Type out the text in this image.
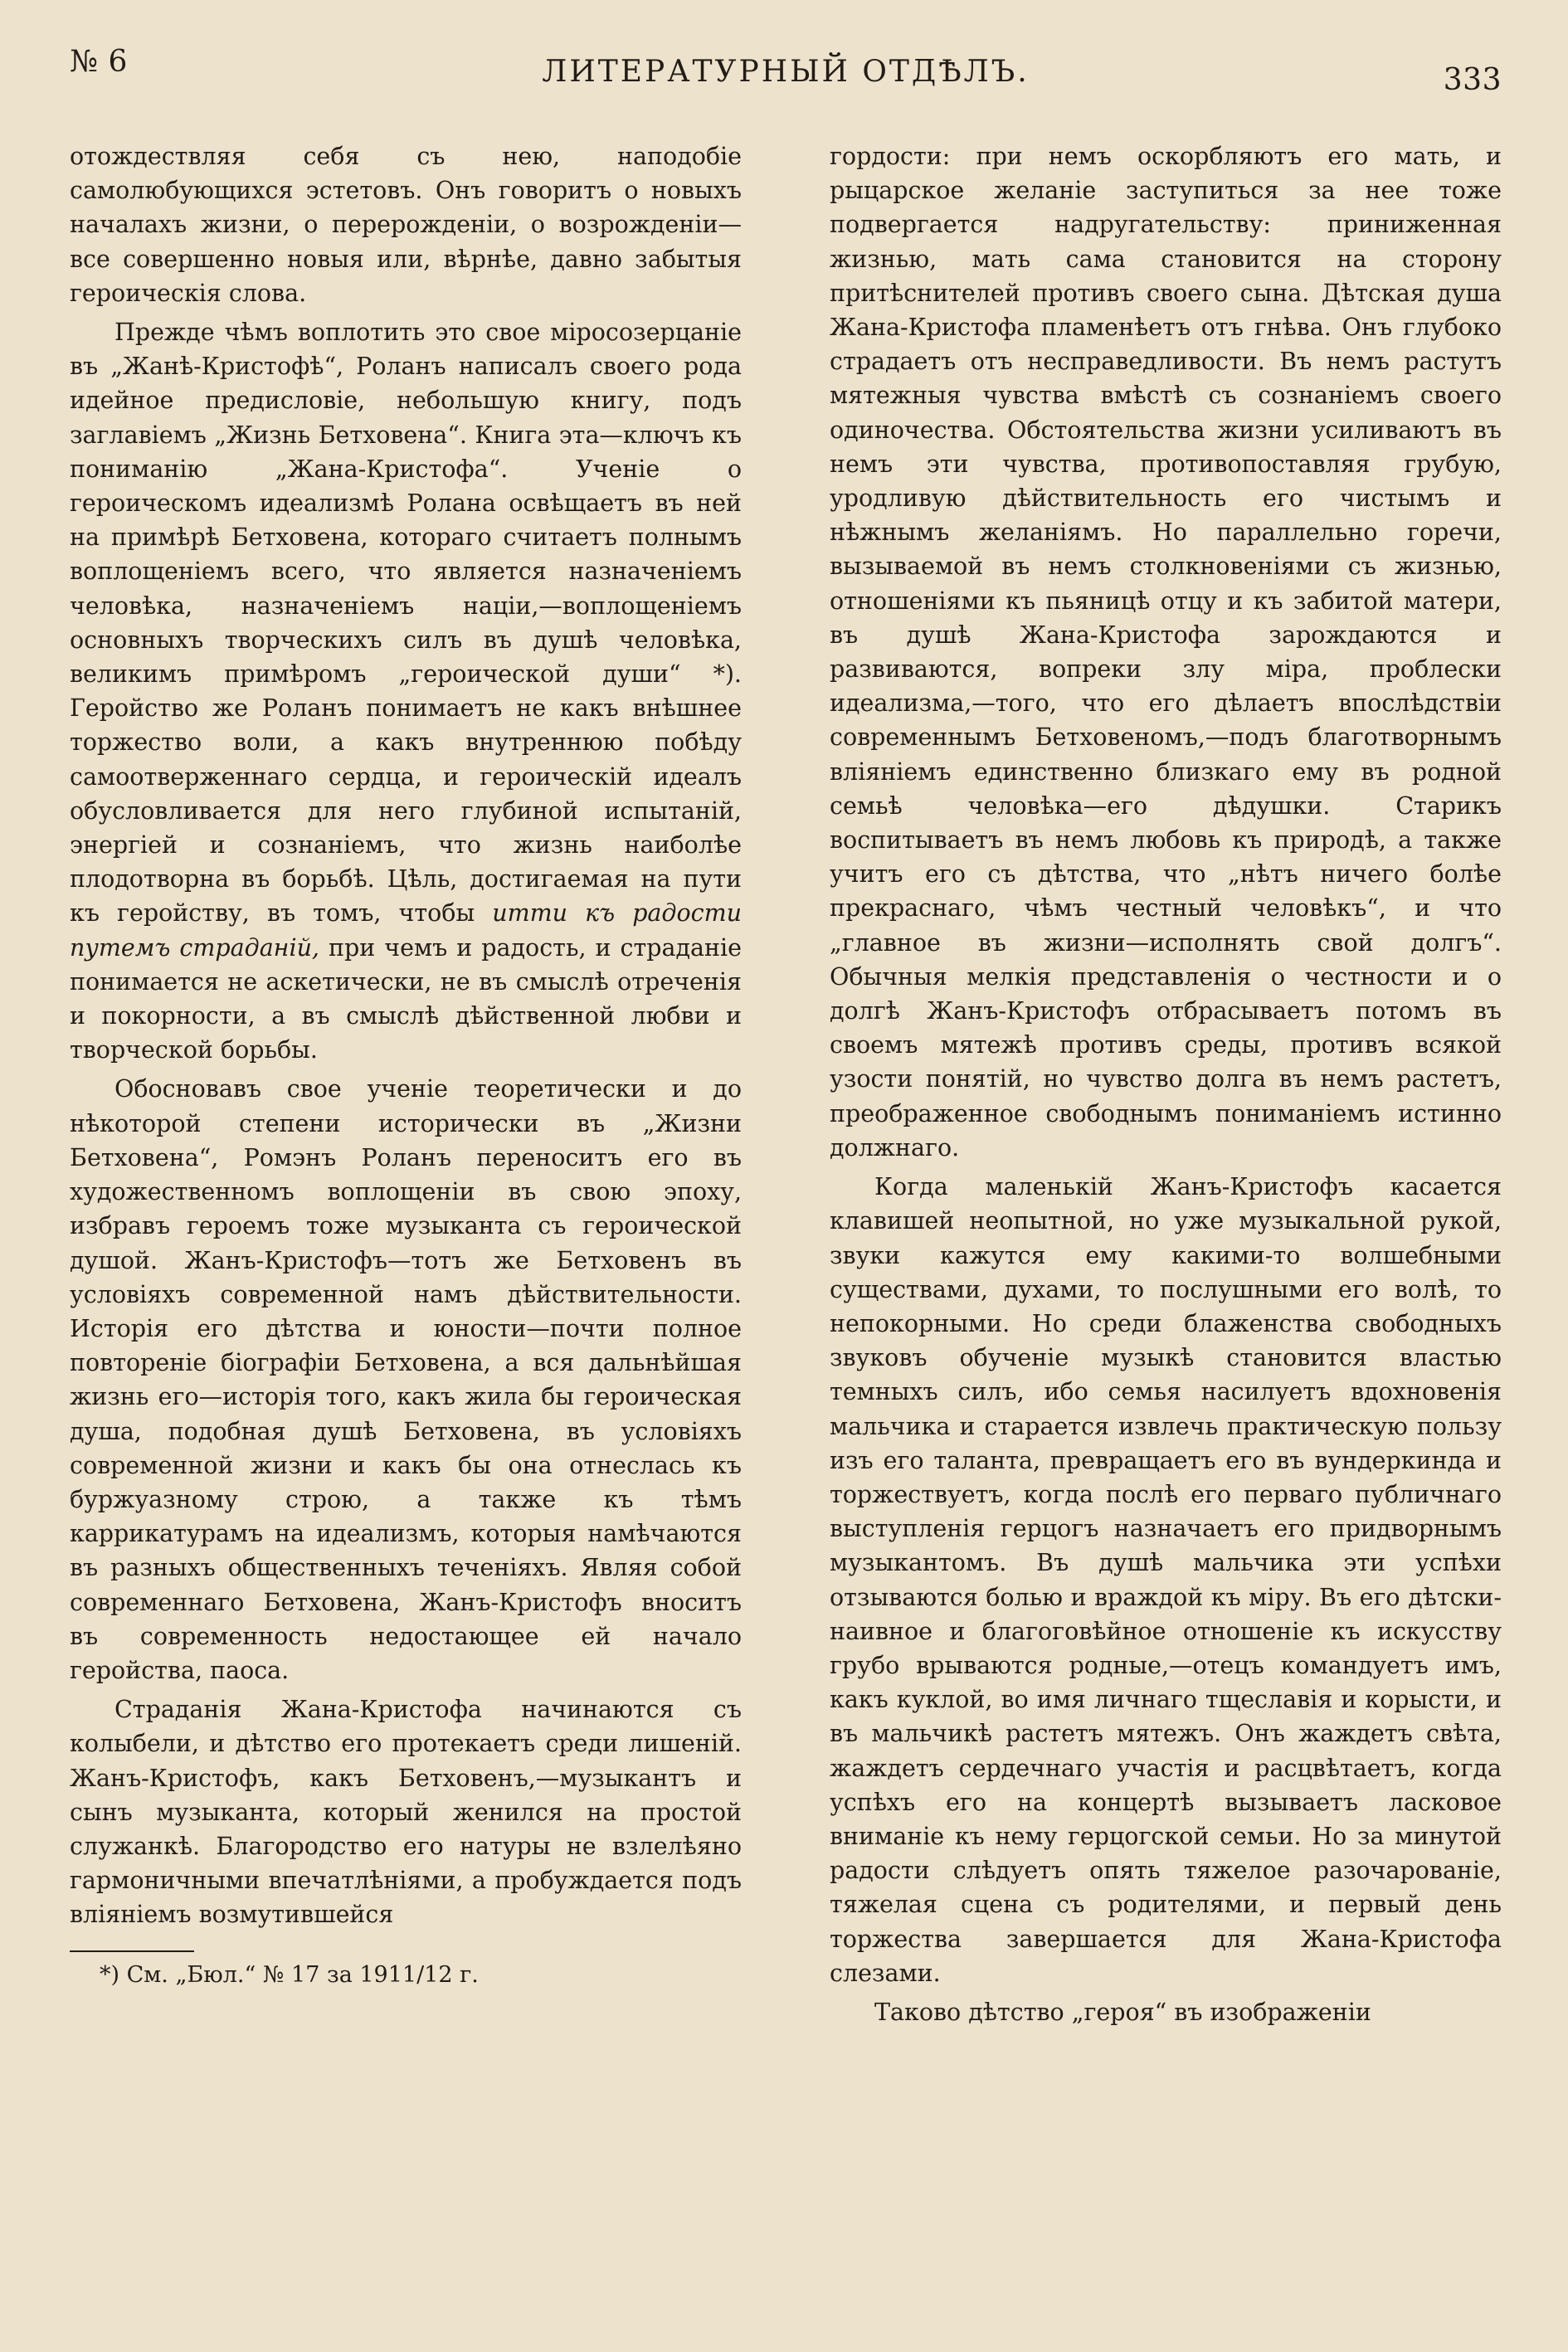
№ 6	ЛИТЕРАТУРНЫЙ ОТДѢЛЪ.	333

отождествляя себя съ нею, наподобіе самолюбующихся эстетовъ. Онъ говоритъ о новыхъ началахъ жизни, о перерожденіи, о возрожденіи—все совершенно новыя или, вѣрнѣе, давно забытыя героическія слова.

Прежде чѣмъ воплотить это свое міросозерцаніе въ „Жанѣ-Кристофѣ“, Роланъ написалъ своего рода идейное предисловіе, небольшую книгу, подъ заглавіемъ „Жизнь Бетховена“. Книга эта—ключъ къ пониманію „Жана-Кристофа“. Ученіе о героическомъ идеализмѣ Ролана освѣщаетъ въ ней на примѣрѣ Бетховена, котораго считаетъ полнымъ воплощеніемъ всего, что является назначеніемъ человѣка, назначеніемъ націи,—воплощеніемъ основныхъ творческихъ силъ въ душѣ человѣка, великимъ примѣромъ „героической души“ *). Геройство же Роланъ понимаетъ не какъ внѣшнее торжество воли, а какъ внутреннюю побѣду самоотверженнаго сердца, и героическій идеалъ обусловливается для него глубиной испытаній, энергіей и сознаніемъ, что жизнь наиболѣе плодотворна въ борьбѣ. Цѣль, достигаемая на пути къ геройству, въ томъ, чтобы итти къ радости путемъ страданій, при чемъ и радость, и страданіе понимается не аскетически, не въ смыслѣ отреченія и покорности, а въ смыслѣ дѣйственной любви и творческой борьбы.

Обосновавъ свое ученіе теоретически и до нѣкоторой степени исторически въ „Жизни Бетховена“, Ромэнъ Роланъ переноситъ его въ художественномъ воплощеніи въ свою эпоху, избравъ героемъ тоже музыканта съ героической душой. Жанъ-Кристофъ—тотъ же Бетховенъ въ условіяхъ современной намъ дѣйствительности. Исторія его дѣтства и юности—почти полное повтореніе біографіи Бетховена, а вся дальнѣйшая жизнь его—исторія того, какъ жила бы героическая душа, подобная душѣ Бетховена, въ условіяхъ современной жизни и какъ бы она отнеслась къ буржуазному строю, а также къ тѣмъ каррикатурамъ на идеализмъ, которыя намѣчаются въ разныхъ общественныхъ теченіяхъ. Являя собой современнаго Бетховена, Жанъ-Кристофъ вноситъ въ современность недостающее ей начало геройства, паоса.

Страданія Жана-Кристофа начинаются съ колыбели, и дѣтство его протекаетъ среди лишеній. Жанъ-Кристофъ, какъ Бетховенъ,—музыкантъ и сынъ музыканта, который женился на простой служанкѣ. Благородство его натуры не взлелѣяно гармоничными впечатлѣніями, а пробуждается подъ вліяніемъ возмутившейся

*) См. „Бюл.“ № 17 за 1911/12 г.

гордости: при немъ оскорбляютъ его мать, и рыцарское желаніе заступиться за нее тоже подвергается надругательству: приниженная жизнью, мать сама становится на сторону притѣснителей противъ своего сына. Дѣтская душа Жана-Кристофа пламенѣетъ отъ гнѣва. Онъ глубоко страдаетъ отъ несправедливости. Въ немъ растутъ мятежныя чувства вмѣстѣ съ сознаніемъ своего одиночества. Обстоятельства жизни усиливаютъ въ немъ эти чувства, противопоставляя грубую, уродливую дѣйствительность его чистымъ и нѣжнымъ желаніямъ. Но параллельно горечи, вызываемой въ немъ столкновеніями съ жизнью, отношеніями къ пьяницѣ отцу и къ забитой матери, въ душѣ Жана-Кристофа зарождаются и развиваются, вопреки злу міра, проблески идеализма,—того, что его дѣлаетъ впослѣдствіи современнымъ Бетховеномъ,—подъ благотворнымъ вліяніемъ единственно близкаго ему въ родной семьѣ человѣка—его дѣдушки. Старикъ воспитываетъ въ немъ любовь къ природѣ, а также учитъ его съ дѣтства, что „нѣтъ ничего болѣе прекраснаго, чѣмъ честный человѣкъ“, и что „главное въ жизни—исполнять свой долгъ“. Обычныя мелкія представленія о честности и о долгѣ Жанъ-Кристофъ отбрасываетъ потомъ въ своемъ мятежѣ противъ среды, противъ всякой узости понятій, но чувство долга въ немъ растетъ, преображенное свободнымъ пониманіемъ истинно должнаго.

Когда маленькій Жанъ-Кристофъ касается клавишей неопытной, но уже музыкальной рукой, звуки кажутся ему какими-то волшебными существами, духами, то послушными его волѣ, то непокорными. Но среди блаженства свободныхъ звуковъ обученіе музыкѣ становится властью темныхъ силъ, ибо семья насилуетъ вдохновенія мальчика и старается извлечь практическую пользу изъ его таланта, превращаетъ его въ вундеркинда и торжествуетъ, когда послѣ его перваго публичнаго выступленія герцогъ назначаетъ его придворнымъ музыкантомъ. Въ душѣ мальчика эти успѣхи отзываются болью и враждой къ міру. Въ его дѣтски-наивное и благоговѣйное отношеніе къ искусству грубо врываются родные,—отецъ командуетъ имъ, какъ куклой, во имя личнаго тщеславія и корысти, и въ мальчикѣ растетъ мятежъ. Онъ жаждетъ свѣта, жаждетъ сердечнаго участія и расцвѣтаетъ, когда успѣхъ его на концертѣ вызываетъ ласковое вниманіе къ нему герцогской семьи. Но за минутой радости слѣдуетъ опять тяжелое разочарованіе, тяжелая сцена съ родителями, и первый день торжества завершается для Жана-Кристофа слезами.

Таково дѣтство „героя“ въ изображеніи
